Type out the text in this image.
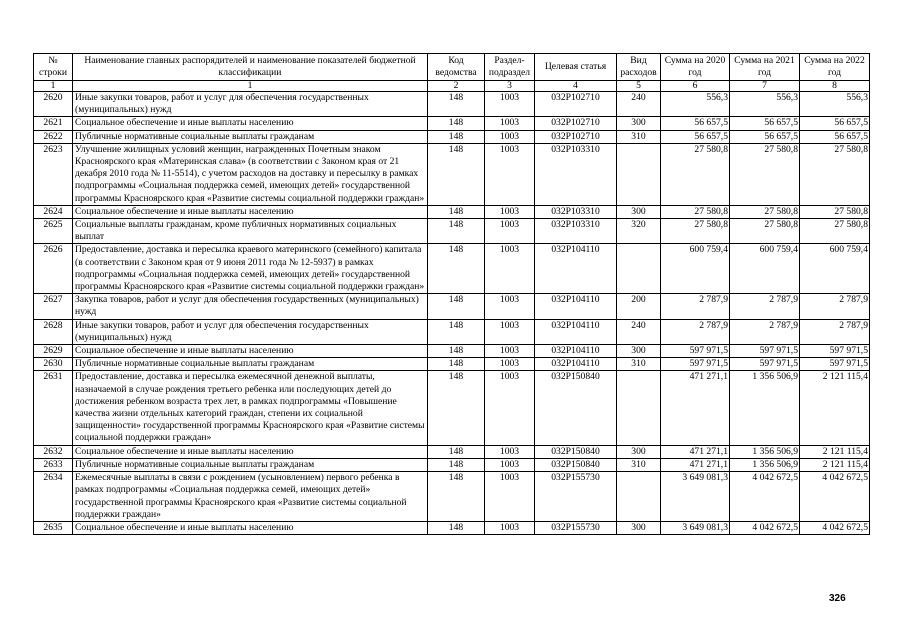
№ строки	Наименование главных распорядителей и наименование показателей бюджетной классификации	Код ведомства	Раздел-подраздел	Целевая статья	Вид расходов	Сумма на 2020 год	Сумма на 2021 год	Сумма на 2022 год
1	1	2	3	4	5	6	7	8
2620	Иные закупки товаров, работ и услуг для обеспечения государственных (муниципальных) нужд	148	1003	032Р102710	240	556,3	556,3	556,3
2621	Социальное обеспечение и иные выплаты населению	148	1003	032Р102710	300	56 657,5	56 657,5	56 657,5
2622	Публичные нормативные социальные выплаты гражданам	148	1003	032Р102710	310	56 657,5	56 657,5	56 657,5
2623	Улучшение жилищных условий женщин, награжденных Почетным знаком Красноярского края «Материнская слава» (в соответствии с Законом края от 21 декабря 2010 года № 11-5514), с учетом расходов на доставку и пересылку в рамках подпрограммы «Социальная поддержка семей, имеющих детей» государственной программы Красноярского края «Развитие системы социальной поддержки граждан»	148	1003	032Р103310		27 580,8	27 580,8	27 580,8
2624	Социальное обеспечение и иные выплаты населению	148	1003	032Р103310	300	27 580,8	27 580,8	27 580,8
2625	Социальные выплаты гражданам, кроме публичных нормативных социальных выплат	148	1003	032Р103310	320	27 580,8	27 580,8	27 580,8
2626	Предоставление, доставка и пересылка краевого материнского (семейного) капитала (в соответствии с Законом края от 9 июня 2011 года № 12-5937) в рамках подпрограммы «Социальная поддержка семей, имеющих детей» государственной программы Красноярского края «Развитие системы социальной поддержки граждан»	148	1003	032Р104110		600 759,4	600 759,4	600 759,4
2627	Закупка товаров, работ и услуг для обеспечения государственных (муниципальных) нужд	148	1003	032Р104110	200	2 787,9	2 787,9	2 787,9
2628	Иные закупки товаров, работ и услуг для обеспечения государственных (муниципальных) нужд	148	1003	032Р104110	240	2 787,9	2 787,9	2 787,9
2629	Социальное обеспечение и иные выплаты населению	148	1003	032Р104110	300	597 971,5	597 971,5	597 971,5
2630	Публичные нормативные социальные выплаты гражданам	148	1003	032Р104110	310	597 971,5	597 971,5	597 971,5
2631	Предоставление, доставка и пересылка ежемесячной денежной выплаты, назначаемой в случае рождения третьего ребенка или последующих детей до достижения ребенком возраста трех лет, в рамках подпрограммы «Повышение качества жизни отдельных категорий граждан, степени их социальной защищенности» государственной программы Красноярского края «Развитие системы социальной поддержки граждан»	148	1003	032Р150840		471 271,1	1 356 506,9	2 121 115,4
2632	Социальное обеспечение и иные выплаты населению	148	1003	032Р150840	300	471 271,1	1 356 506,9	2 121 115,4
2633	Публичные нормативные социальные выплаты гражданам	148	1003	032Р150840	310	471 271,1	1 356 506,9	2 121 115,4
2634	Ежемесячные выплаты в связи с рождением (усыновлением) первого ребенка в рамках подпрограммы «Социальная поддержка семей, имеющих детей» государственной программы Красноярского края «Развитие системы социальной поддержки граждан»	148	1003	032Р155730		3 649 081,3	4 042 672,5	4 042 672,5
2635	Социальное обеспечение и иные выплаты населению	148	1003	032Р155730	300	3 649 081,3	4 042 672,5	4 042 672,5
326
